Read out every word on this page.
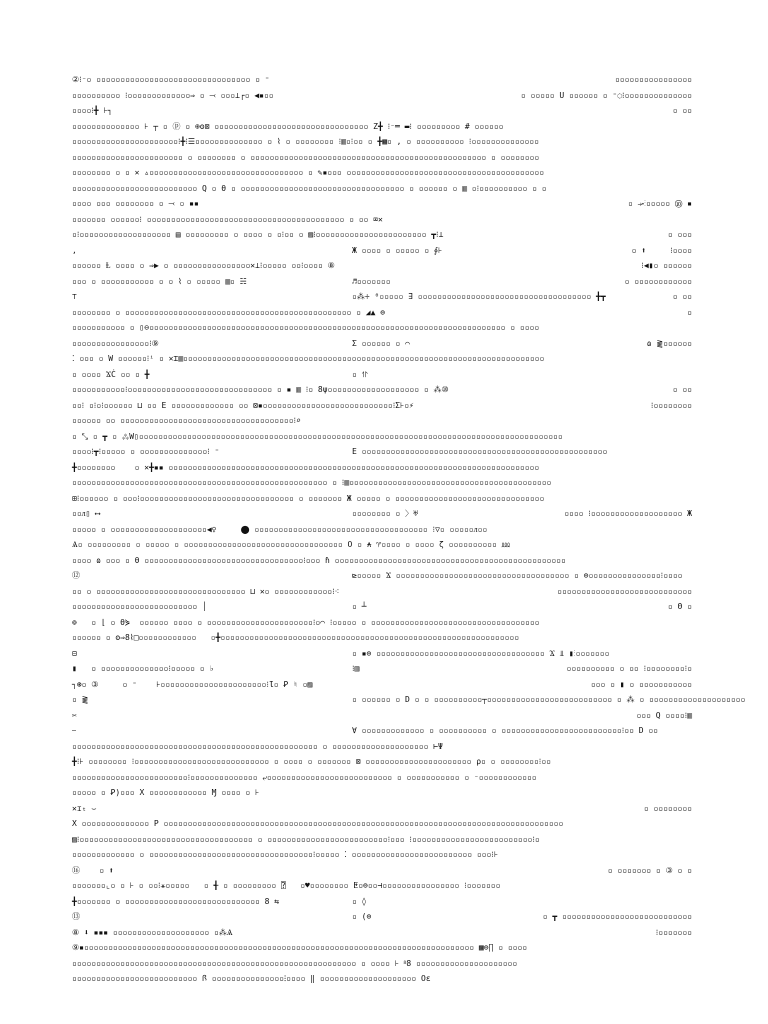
②⁝⁻▫ ▫▫▫▫▫▫▫▫▫▫▫▫▫▫▫▫▫▫▫▫▫▫▫▫▫▫▫▫▫▫▫▫ ▫ ⁼	▫▫▫▫▫▫▫▫▫▫▫▫▫▫▫▫
▫▫▫▫▫▫▫▫▫▫ ⁝▫▫▫▫▫▫▫▫▫▫▫▫▫⇒ ▫ ⤙ ▫▫▫⊥┌▫ ◀▪▫▫	▫ ▫▫▫▫▫ U ▫▫▫▫▫▫ ▫ ⁼◌⁝▫▫▫▫▫▫▫▫▫▫▫▫▫▫
▫▫▫▫⁝╋ ⊦┐	▫ ▫▫
▫▫▫▫▫▫▫▫▫▫▫▫▫▫ ⊦ ┬ ▫ ⓟ ▫ ⊕ʘ⊠ ▫▫▫▫▫▫▫▫▫▫▫▫▫▫▫▫▫▫▫▫▫▫▫▫▫▫▫▫▫▫▫▫ Z╋ ⁝⁻═ ▬⁝ ▫▫▫▫▫▫▫▫▫ # ▫▫▫▫▫▫
▫▫▫▫▫▫▫▫▫▫▫▫▫▫▫▫▫▫▫▫▫▫⁝╋⁝☰▫▫▫▫▫▫▫▫▫▫▫▫▫▫ ▫ ⌇ ▫ ▫▫▫▫▫▫▫▫ ⁝▥▫⁝▫▫ ▫ ╋▩▫ , ▫ ▫▫▫▫▫▫▫▫▫▫ ⁝▫▫▫▫▫▫▫▫▫▫▫▫▫▫
▫▫▫▫▫▫▫▫▫▫▫▫▫▫▫▫▫▫▫▫▫▫▫ ▫ ▫▫▫▫▫▫▫▫ ▫ ▫▫▫▫▫▫▫▫▫▫▫▫▫▫▫▫▫▫▫▫▫▫▫▫▫▫▫▫▫▫▫▫▫▫▫▫▫▫▫▫▫▫▫▫▫▫▫▫▫ ▫ ▫▫▫▫▫▫▫▫
▫▫▫▫▫▫▫▫ ▫ ▫ ✕ ▵▫▫▫▫▫▫▫▫▫▫▫▫▫▫▫▫▫▫▫▫▫▫▫▫▫▫▫▫▫▫▫▫ ▫ ✎▪▫▫▫ ▫▫▫▫▫▫▫▫▫▫▫▫▫▫▫▫▫▫▫▫▫▫▫▫▫▫▫▫▫▫▫▫▫▫▫▫▫▫▫▫▫
▫▫▫▫▫▫▫▫▫▫▫▫▫▫▫▫▫▫▫▫▫▫▫▫▫▫ Q ▫ θ ▫ ▫▫▫▫▫▫▫▫▫▫▫▫▫▫▫▫▫▫▫▫▫▫▫▫▫▫▫▫▫▫▫▫▫▫ ▫ ▫▫▫▫▫▫ ▫ ▥ ▫⁝▫▫▫▫▫▫▫▫▫▫ ▫ ▫
▫▫▫▫ ▫▫▫ ▫▫▫▫▫▫▫▫ ▫ ⤙ ▫ ▪▪	▫ ⤞⁝▫▫▫▫▫ ⑩ ▪
▫▫▫▫▫▫▫ ▫▫▫▫▫▫⁝ ▫▫▫▫▫▫▫▫▫▫▫▫▫▫▫▫▫▫▫▫▫▫▫▫▫▫▫▫▫▫▫▫▫▫▫▫▫▫▫▫▫ ▫ ▫▫ ⌧✕
▫⁝▫▫▫▫▫▫▫▫▫▫▫▫▫▫▫▫▫▫▫ ▤ ▫▫▫▫▫▫▫▫▫ ▫ ▫▫▫▫ ▫ ▫⁝▫▫ ▫ ▨⁝▫▫▫▫▫▫▫▫▫▫▫▫▫▫▫▫▫▫▫▫▫▫▫ ┳⁝⊥	▫ ▫▫▫
,	Ж ▫▫▫▫ ▫ ▫▫▫▫▫ ▫ ∮⊦	▫ ⬆     ⁝▫▫▫▫
▫▫▫▫▫▫ Ⱡ ▫▫▫▫ ▫ ⇒▶ ▫ ▫▫▫▫▫▫▫▫▫▫▫▫▫▫▫▫✕⊥⁝▫▫▫▫▫ ▫▫⁝▫▫▫▫ ⑧	⁝◀▮▫ ▫▫▫▫▫▫
▫▫▫ ▫ ▫▫▫▫▫▫▫▫▫▫▫ ▫ ▫ ⌇ ▫ ▫▫▫▫▫ ▥▫ ☵	♬▫▫▫▫▫▫▫	▫ ▫▫▫▫▫▫▫▫▫▫▫▫
⊤	▫⁂÷ ⁰▫▫▫▫▫ ∃ ▫▫▫▫▫▫▫▫▫▫▫▫▫▫▫▫▫▫▫▫▫▫▫▫▫▫▫▫▫▫▫▫▫▫▫▫ ╋┳	▫ ▫▫
▫▫▫▫▫▫▫▫ ▫ ▫▫▫▫▫▫▫▫▫▫▫▫▫▫▫▫▫▫▫▫▫▫▫▫▫▫▫▫▫▫▫▫▫▫▫▫▫▫▫▫▫▫▫▫▫▫▫ ▫ ◢▲ ⊜	▫
▫▫▫▫▫▫▫▫▫▫▫ ▫ ▯⊖▫▫▫▫▫▫▫▫▫▫▫▫▫▫▫▫▫▫▫▫▫▫▫▫▫▫▫▫▫▫▫▫▫▫▫▫▫▫▫▫▫▫▫▫▫▫▫▫▫▫▫▫▫▫▫▫▫▫▫▫▫▫▫▫▫▫▫▫▫▫▫▫▫▫ ▫ ▫▫▫▫
▫▫▫▫▫▫▫▫▫▫▫▫▫▫▫▫⁝⑨	Σ ▫▫▫▫▫▫ ▫ ⌒	ɷ ⪔▫▫▫▫▫▫
⁚ ▫▫▫ ▫ W ▫▫▫▫▫▫⁝ⁱ ▫ ✕⌶▥▫▫▫▫▫▫▫▫▫▫▫▫▫▫▫▫▫▫▫▫▫▫▫▫▫▫▫▫▫▫▫▫▫▫▫▫▫▫▫▫▫▫▫▫▫▫▫▫▫▫▫▫▫▫▫▫▫▫▫▫▫▫▫▫▫▫▫▫▫▫▫▫▫▫▫
▫ ▫▫▫▫ ϪĊ ▫▫ ▫ ╋	▫ ⥣
▫▫▫▫▫▫▫▫▫▫▫⁝▫▫▫▫▫▫▫▫▫▫▫▫▫▫▫▫▫▫▫▫▫▫▫▫▫▫▫▫▫▫ ▫ ▪ ▥ ⁝▫ 8ψ▫▫▫▫▫▫▫▫▫▫▫▫▫▫▫▫▫▫▫ ▫ ⁂⑩	▫ ▫▫
▫▫⁝ ▫⁝▫⁝▫▫▫▫▫▫ ⊔ ▫▫ Ε ▫▫▫▫▫▫▫▫▫▫▫▫▫ ▫▫ ⊠▪▫▫▫▫▫▫▫▫▫▫▫▫▫▫▫▫▫▫▫▫▫▫▫▫▫▫▫⁝Σ⊦▫⚡	⁝▫▫▫▫▫▫▫▫
▫▫▫▫▫▫ ▫▫ ▫▫▫▫▫▫▫▫▫▫▫▫▫▫▫▫▫▫▫▫▫▫▫▫▫▫▫▫▫▫▫▫▫▫▫▫⁝⌕
▫ ⤡ ▫ ┳ ▫ ⁂W▯▫▫▫▫▫▫▫▫▫▫▫▫▫▫▫▫▫▫▫▫▫▫▫▫▫▫▫▫▫▫▫▫▫▫▫▫▫▫▫▫▫▫▫▫▫▫▫▫▫▫▫▫▫▫▫▫▫▫▫▫▫▫▫▫▫▫▫▫▫▫▫▫▫▫▫▫▫▫▫▫▫▫▫▫▫▫▫▫
▫▫▫▫⁝┳⁝▫▫▫▫▫ ▫ ▫▫▫▫▫▫▫▫▫▫▫▫▫▫⁝ ⁼	Ε ▫▫▫▫▫▫▫▫▫▫▫▫▫▫▫▫▫▫▫▫▫▫▫▫▫▫▫▫▫▫▫▫▫▫▫▫▫▫▫▫▫▫▫▫▫▫▫▫▫▫▫
╋▫▫▫▫▫▫▫▫    ▫ ✕╋▪▪ ▫▫▫▫▫▫▫▫▫▫▫▫▫▫▫▫▫▫▫▫▫▫▫▫▫▫▫▫▫▫▫▫▫▫▫▫▫▫▫▫▫▫▫▫▫▫▫▫▫▫▫▫▫▫▫▫▫▫▫▫▫▫▫▫▫▫▫▫▫▫▫▫▫▫▫▫▫
▫▫▫▫▫▫▫▫▫▫▫▫▫▫▫▫▫▫▫▫▫▫▫▫▫▫▫▫▫▫▫▫▫▫▫▫▫▫▫▫▫▫▫▫▫▫▫▫▫▫▫▫▫ ▫ ⁝▥▫▫▫▫▫▫▫▫▫▫▫▫▫▫▫▫▫▫▫▫▫▫▫▫▫▫▫▫▫▫▫▫▫▫▫▫▫▫▫▫▫▫
⊞⁝▫▫▫▫▫▫ ▫ ▫▫▫⁝▫▫▫▫▫▫▫▫▫▫▫▫▫▫▫▫▫▫▫▫▫▫▫▫▫▫▫▫▫▫▫▫ ▫ ▫▫▫▫▫▫▫ Ж ▫▫▫▫▫ ▫ ▫▫▫▫▫▫▫▫▫▫▫▫▫▫▫▫▫▫▫▫▫▫▫▫▫▫▫▫▫▫▫
▫▫ᴫ▯ ⟷	▫▫▫▫▫▫▫▫ ▫ 〉♅	▫▫▫▫ ⁝▫▫▫▫▫▫▫▫▫▫▫▫▫▫▫▫▫▫▫ Ж
▫▫▫▫▫ ▫ ▫▫▫▫▫▫▫▫▫▫▫▫▫▫▫▫▫▫▫▫◀♀     ⬤ ▫▫▫▫▫▫▫▫▫▫▫▫▫▫▫▫▫▫▫▫▫▫▫▫▫▫▫▫▫▫▫▫▫▫▫▫ ⁝▽▫ ▫▫▫▫▫ᴫ▫▫
Ѧ▫ ▫▫▫▫▫▫▫▫▫ ▫ ▫▫▫▫▫ ▫ ▫▫▫▫▫▫▫▫▫▫▫▫▫▫▫▫▫▫▫▫▫▫▫▫▫▫▫▫▫▫▫▫▫ O ▫ ⍲ ♈▫▫▫▫ ▫ ▫▫▫▫ ζ ▫▫▫▫▫▫▫▫▫▫ ⅏
▫▫▫▫ ɷ ▫▫▫ ▫ θ ▫▫▫▫▫▫▫▫▫▫▫▫▫▫▫▫▫▫▫▫▫▫▫▫▫▫▫▫▫▫▫▫▫⁝▫▫▫ ɦ ▫▫▫▫▫▫▫▫▫▫▫▫▫▫▫▫▫▫▫▫▫▫▫▫▫▫▫▫▫▫▫▫▫▫▫▫▫▫▫▫▫▫▫▫▫▫▫▫
⑫	⊵▫▫▫▫▫ Ϫ ▫▫▫▫▫▫▫▫▫▫▫▫▫▫▫▫▫▫▫▫▫▫▫▫▫▫▫▫▫▫▫▫▫▫▫▫ ▫ ⊜▫▫▫▫▫▫▫▫▫▫▫▫▫▫▫⁝▫▫▫▫
▫▫ ▫ ▫▫▫▫▫▫▫▫▫▫▫▫▫▫▫▫▫▫▫▫▫▫▫▫▫▫▫▫▫▫▫ ⊔ ✕▫ ▫▫▫▫▫▫▫▫▫▫▫▫⁝⁖	▫▫▫▫▫▫▫▫▫▫▫▫▫▫▫▫▫▫▫▫▫▫▫▫▫▫▫▫
▫▫▫▫▫▫▫▫▫▫▫▫▫▫▫▫▫▫▫▫▫▫▫▫▫▫ │	▫ ┴	▫ Θ ▫
⊚   ▫ ⌊ ▫ θ⋟  ▫▫▫▫▫▫ ▫▫▫▫ ▫ ▫▫▫▫▫▫▫▫▫▫▫▫▫▫▫▫▫▫▫▫▫▫⁝▫⌒ ⁝▫▫▫▫▫ ▫ ▫▫▫▫▫▫▫▫▫▫▫▫▫▫▫▫▫▫▫▫▫▫▫▫▫▫▫▫▫▫▫▫▫▫▫
▫▫▫▫▫▫ ▫ ʘ⇒8⌇□▫▫▫▫▫▫▫▫▫▫▫▫   ▫╋▫▫▫▫▫▫▫▫▫▫▫▫▫▫▫▫▫▫▫▫▫▫▫▫▫▫▫▫▫▫▫▫▫▫▫▫▫▫▫▫▫▫▫▫▫▫▫▫▫▫▫▫▫▫▫▫▫▫▫▫▫▫
⊟	▫ ▪⊜ ▫▫▫▫▫▫▫▫▫▫▫▫▫▫▫▫▫▫▫▫▫▫▫▫▫▫▫▫▫▫▫▫▫▫▫ Ϫ ⫫ ▮⁝▫▫▫▫▫▫▫
▮   ▫ ▫▫▫▫▫▫▫▫▫▫▫▫▫▫⁝▫▫▫▫▫ ▫ ♭	⁝▥	▫▫▫▫▫▫▫▫▫▫ ▫ ▫▫ ⁝▫▫▫▫▫▫▫▫⁝▫
┐⊛▫ ③     ▫ ⁼    ⊦▫▫▫▫▫▫▫▫▫▫▫▫▫▫▫▫▫▫▫▫▫▫⁝Ɩ▫ Ꝑ ♮ ▫▨	▫▫▫ ▫ ▮ ▫ ▫▫▫▫▫▫▫▫▫▫▫
▫ ⪔	▫ ▫▫▫▫▫▫ ▫ D ▫ ▫ ▫▫▫▫▫▫▫▫▫▫┬▫▫▫▫▫▫▫▫▫▫▫▫▫▫▫▫▫▫▫▫▫▫▫▫▫▫ ▫ ⁂ ▫ ▫▫▫▫▫▫▫▫▫▫▫▫▫▫▫▫▫▫▫▫
✂	▫▫▫ Q ▫▫▫▫⁝▥
⎯	∀ ▫▫▫▫▫▫▫▫▫▫▫▫▫ ▫ ▫▫▫▫▫▫▫▫▫▫ ▫ ▫▫▫▫▫▫▫▫▫▫▫▫▫▫▫▫▫▫▫▫▫▫▫▫▫⁝▫▫ D ▫▫
▫▫▫▫▫▫▫▫▫▫▫▫▫▫▫▫▫▫▫▫▫▫▫▫▫▫▫▫▫▫▫▫▫▫▫▫▫▫▫▫▫▫▫▫▫▫▫▫▫▫▫ ▫ ▫▫▫▫▫▫▫▫▫▫▫▫▫▫▫▫▫▫▫▫ ⊢Ψ
╋⁝⊦ ▫▫▫▫▫▫▫▫ ⁝▫▫▫▫▫▫▫▫▫▫▫▫▫▫▫▫▫▫▫▫▫▫▫▫▫▫▫▫ ▫ ▫▫▫▫ ▫ ▫▫▫▫▫▫▫ ⊠ ▫▫▫▫▫▫▫▫▫▫▫▫▫▫▫▫▫▫▫▫▫▫ ⍴▫ ▫ ▫▫▫▫▫▫▫▫⁝▫▫
▫▫▫▫▫▫▫▫▫▫▫▫▫▫▫▫▫▫▫▫▫▫▫▫⁝▫▫▫▫▫▫▫▫▫▫▫▫▫▫ ⤶▫▫▫▫▫▫▫▫▫▫▫▫▫▫▫▫▫▫▫▫▫▫▫▫▫▫ ▫ ▫▫▫▫▫▫▫▫▫▫▫ ▫ ⁻▫▫▫▫▫▫▫▫▫▫▫▫
▫▫▫▫▫ ▫ Ꝑ)▫▫▫ X ▫▫▫▫▫▫▫▫▫▫▫▫ Ɱ ▫▫▫▫ ▫ ⊦
✕ɪₜ ⌣	▫ ▫▫▫▫▫▫▫▫
X ▫▫▫▫▫▫▫▫▫▫▫▫▫▫ P ▫▫▫▫▫▫▫▫▫▫▫▫▫▫▫▫▫▫▫▫▫▫▫▫▫▫▫▫▫▫▫▫▫▫▫▫▫▫▫▫▫▫▫▫▫▫▫▫▫▫▫▫▫▫▫▫▫▫▫▫▫▫▫▫▫▫▫▫▫▫▫▫▫▫▫▫▫▫▫▫▫▫▫
▨⁝▫▫▫▫▫▫▫▫▫▫▫▫▫▫▫▫▫▫▫▫▫▫▫▫▫▫▫▫▫▫▫▫▫▫▫▫ ▫ ▫▫▫▫▫▫▫▫▫▫▫▫▫▫▫▫▫▫▫▫▫▫▫▫▫⁝▫▫▫ ⁝▫▫▫▫▫▫▫▫▫▫▫▫▫▫▫▫▫▫▫▫▫▫▫▫▫⁝▫
▫▫▫▫▫▫▫▫▫▫▫▫▫ ▫ ▫▫▫▫▫▫▫▫▫▫▫▫▫▫▫▫▫▫▫▫▫▫▫▫▫▫▫▫▫▫▫▫▫▫⁝▫▫▫▫▫ ⁚ ▫▫▫▫▫▫▫▫▫▫▫▫▫▫▫▫▫▫▫▫▫▫▫▫▫ ▫▫▫⁝⊦
⑯    ▫ ⬆	▫ ▫▫▫▫▫▫▫ ▫ ③ ▫ ▫
▫▫▫▫▫▫▫⌞▫ ▫ ⊦ ▫ ▫▫⁝⚹▫▫▫▫▫   ▫ ╉ ▫ ▫▫▫▫▫▫▫▫▫ ⍰   ▫♥▫▫▫▫▫▫▫▫ ⵟ▫⊜▫▫⊣▫▫▫▫▫▫▫▫▫▫▫▫▫▫▫▫ ⁝▫▫▫▫▫▫▫
╋▫▫▫▫▫▫▫ ▫ ▫▫▫▫▫▫▫▫▫▫▫▫▫▫▫▫▫▫▫▫▫▫▫▫▫▫▫▫ 8 ⇆	▫ ◊
⑬	▫ (⊜	▫ ┳ ▫▫▫▫▫▫▫▫▫▫▫▫▫▫▫▫▫▫▫▫▫▫▫▫▫▫▫
⑧ ⬇ ▪▪▪ ▫▫▫▫▫▫▫▫▫▫▫▫▫▫▫▫▫▫▫▫ ▫⁂Ѧ	⁝▫▫▫▫▫▫▫
⑨▪▫▫▫▫▫▫▫▫▫▫▫▫▫▫▫▫▫▫▫▫▫▫▫▫▫▫▫▫▫▫▫▫▫▫▫▫▫▫▫▫▫▫▫▫▫▫▫▫▫▫▫▫▫▫▫▫▫▫▫▫▫▫▫▫▫▫▫▫▫▫▫▫▫▫▫▫▫▫▫▫▫ ▩⊜∏ ▫ ▫▫▫▫
▫▫▫▫▫▫▫▫▫▫▫▫▫▫▫▫▫▫▫▫▫▫▫▫▫▫▫▫▫▫▫▫▫▫▫▫▫▫▫▫▫▫▫▫▫▫▫▫▫▫▫▫▫▫▫▫▫▫▫ ▫ ▫▫▫▫ ⊦ ᴽ8 ▫▫▫▫▫▫▫▫▫▫▫▫▫▫▫▫▫▫▫▫▫
▫▫▫▫▫▫▫▫▫▫▫▫▫▫▫▫▫▫▫▫▫▫▫▫▫▫ ꟗ ▫▫▫▫▫▫▫▫▫▫▫▫▫▫▫⁝▫▫▫▫ ‖ ▫▫▫▫▫▫▫▫▫▫▫▫▫▫▫▫▫▫▫▫ Oɛ
